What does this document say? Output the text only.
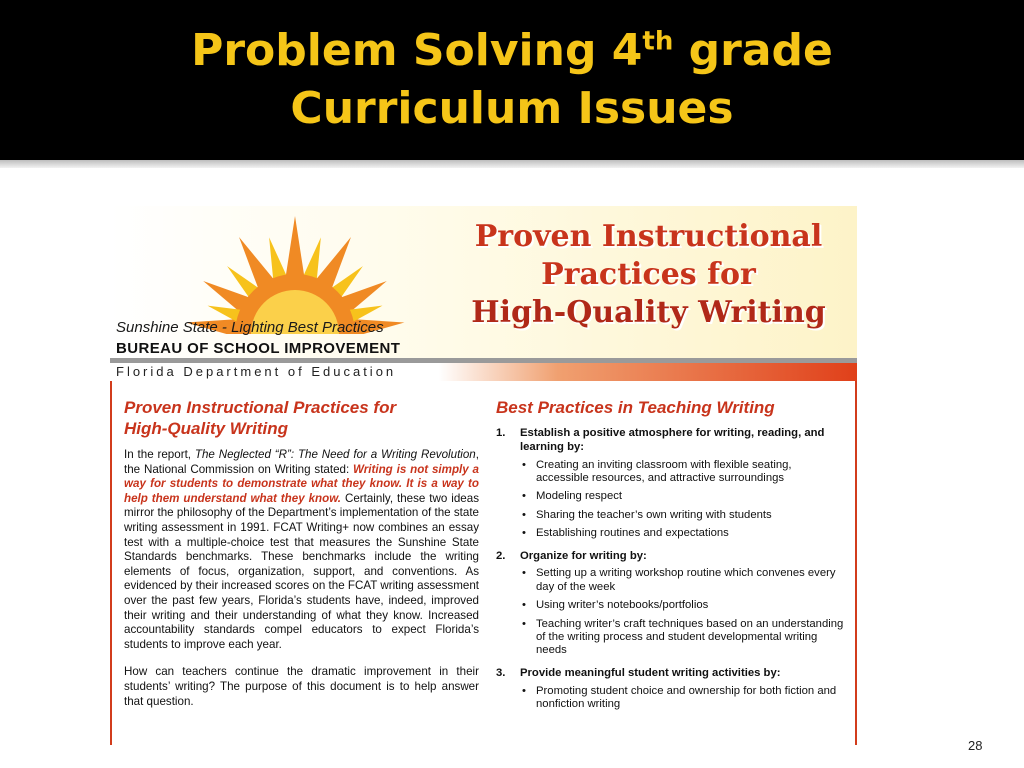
Problem Solving 4th grade
Curriculum Issues
Sunshine State - Lighting Best Practices
BUREAU OF SCHOOL IMPROVEMENT
Proven Instructional
Practices for
High-Quality Writing
Florida Department of Education
Proven Instructional Practices for
High-Quality Writing
In the report, The Neglected “R”: The Need for a Writing Revolution, the National Commission on Writing stated: Writing is not simply a way for students to demonstrate what they know. It is a way to help them understand what they know. Certainly, these two ideas mirror the philosophy of the Department’s implementation of the state writing assessment in 1991. FCAT Writing+ now combines an essay test with a multiple-choice test that measures the Sunshine State Standards benchmarks. These benchmarks include the writing elements of focus, organization, support, and conventions. As evidenced by their increased scores on the FCAT writing assessment over the past few years, Florida’s students have, indeed, improved their writing and their understanding of what they know. Increased accountability standards compel educators to expect Florida’s students to improve each year.
How can teachers continue the dramatic improvement in their students’ writing? The purpose of this document is to help answer that question.
Best Practices in Teaching Writing
1.	Establish a positive atmosphere for writing, reading, and learning by:
• Creating an inviting classroom with flexible seating, accessible resources, and attractive surroundings
• Modeling respect
• Sharing the teacher’s own writing with students
• Establishing routines and expectations
2.	Organize for writing by:
• Setting up a writing workshop routine which convenes every day of the week
• Using writer’s notebooks/portfolios
• Teaching writer’s craft techniques based on an understanding of the writing process and student developmental writing needs
3.	Provide meaningful student writing activities by:
• Promoting student choice and ownership for both fiction and nonfiction writing
28
